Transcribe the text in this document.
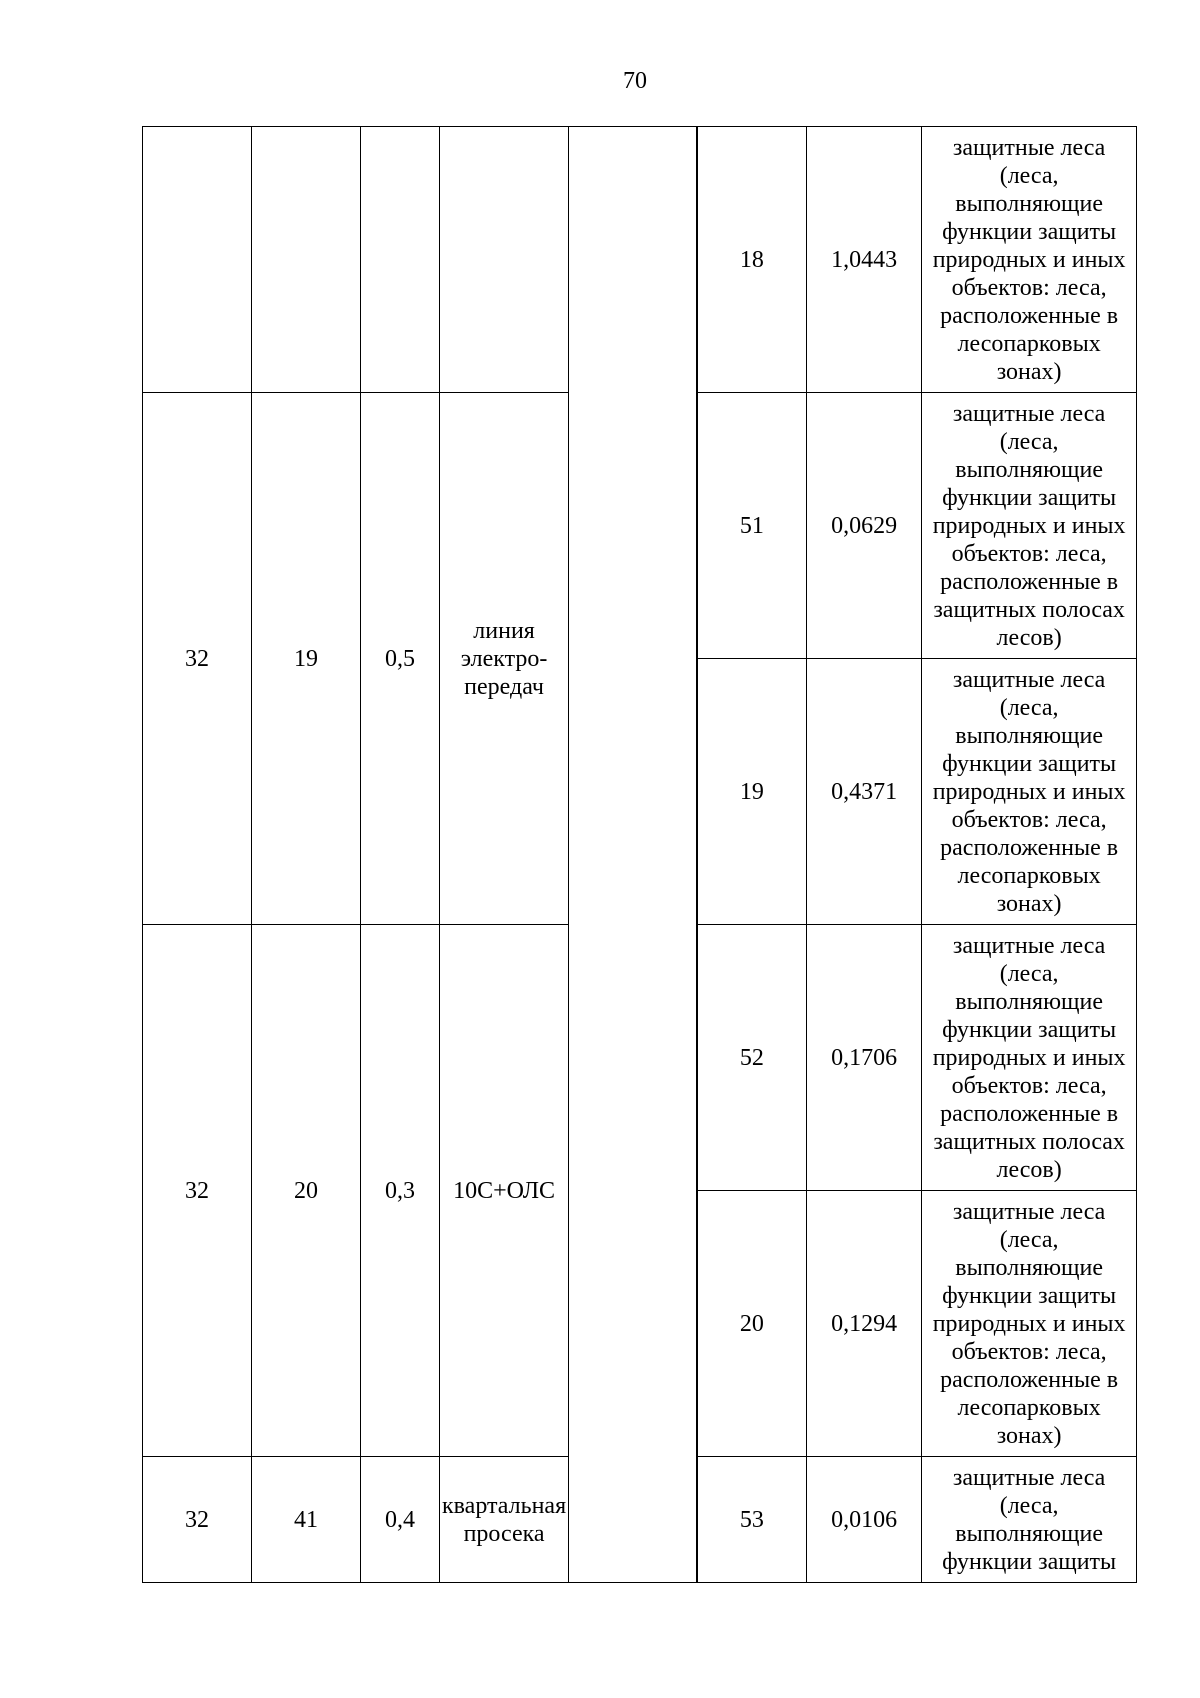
70
					18	1,0443	защитные леса (леса, выполняющие функции защиты природных и иных объектов: леса, расположенные в лесопарковых зонах)
32	19	0,5	линия электро-передач		51	0,0629	защитные леса (леса, выполняющие функции защиты природных и иных объектов: леса, расположенные в защитных полосах лесов)
					19	0,4371	защитные леса (леса, выполняющие функции защиты природных и иных объектов: леса, расположенные в лесопарковых зонах)
32	20	0,3	10С+ОЛС		52	0,1706	защитные леса (леса, выполняющие функции защиты природных и иных объектов: леса, расположенные в защитных полосах лесов)
					20	0,1294	защитные леса (леса, выполняющие функции защиты природных и иных объектов: леса, расположенные в лесопарковых зонах)
32	41	0,4	квартальная просека		53	0,0106	защитные леса (леса, выполняющие функции защиты
